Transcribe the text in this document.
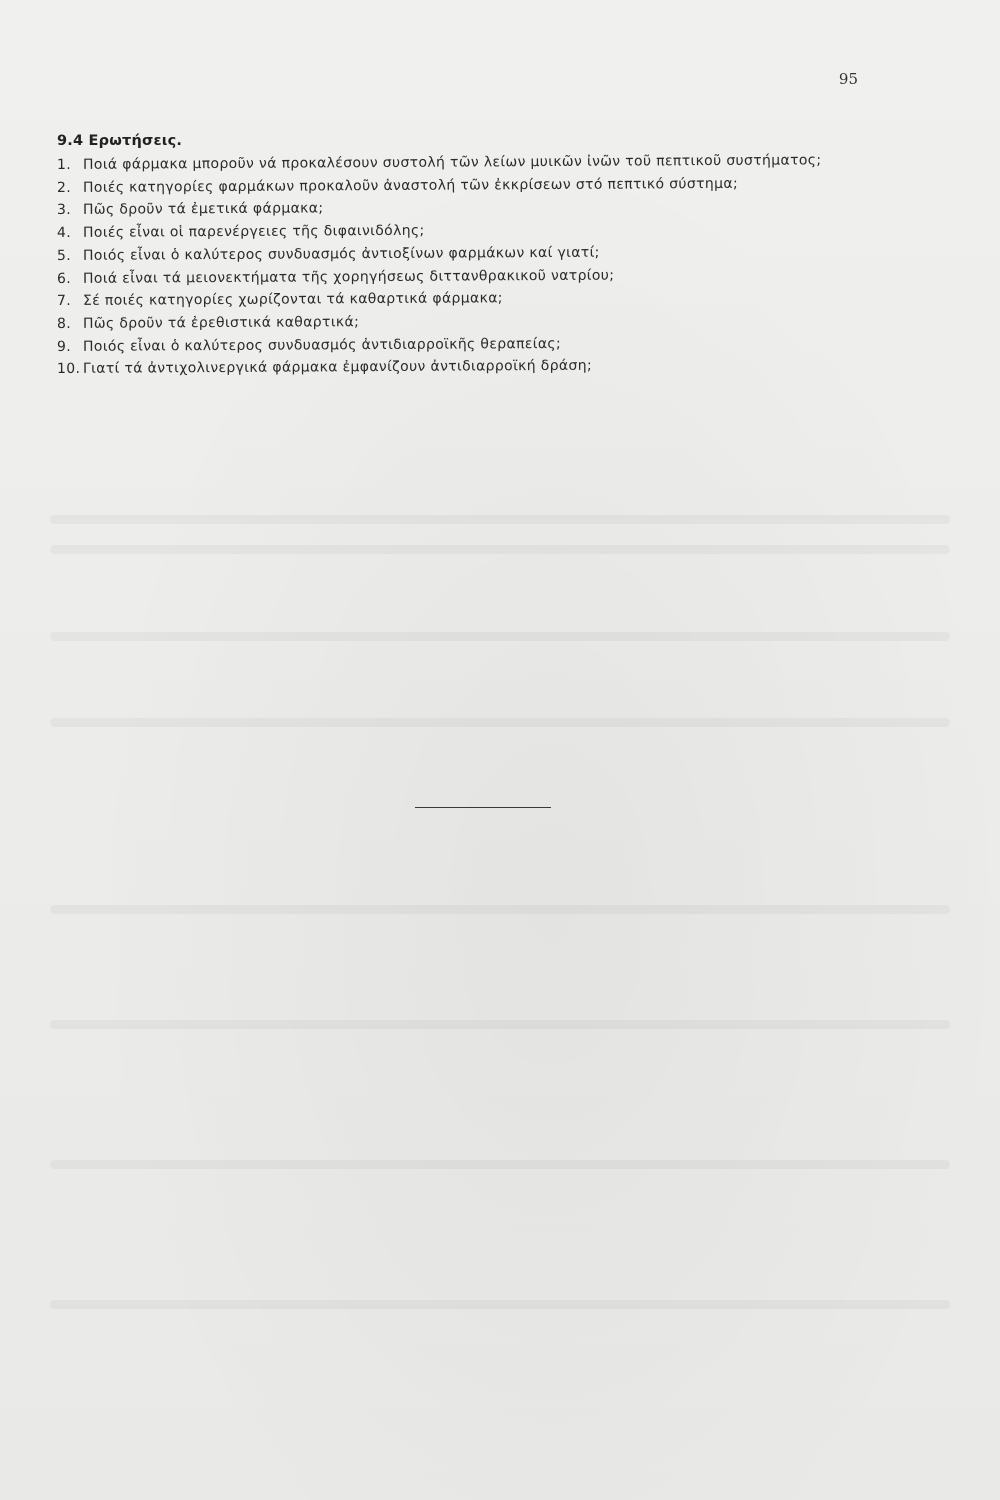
95

9.4 Ερωτήσεις.
1. Ποιά φάρμακα μποροῦν νά προκαλέσουν συστολή τῶν λείων μυικῶν ἰνῶν τοῦ πεπτικοῦ συστήματος;
2. Ποιές κατηγορίες φαρμάκων προκαλοῦν ἀναστολή τῶν ἐκκρίσεων στό πεπτικό σύστημα;
3. Πῶς δροῦν τά ἐμετικά φάρμακα;
4. Ποιές εἶναι οἱ παρενέργειες τῆς διφαινιδόλης;
5. Ποιός εἶναι ὁ καλύτερος συνδυασμός ἀντιοξίνων φαρμάκων καί γιατί;
6. Ποιά εἶναι τά μειονεκτήματα τῆς χορηγήσεως διττανθρακικοῦ νατρίου;
7. Σέ ποιές κατηγορίες χωρίζονται τά καθαρτικά φάρμακα;
8. Πῶς δροῦν τά ἐρεθιστικά καθαρτικά;
9. Ποιός εἶναι ὁ καλύτερος συνδυασμός ἀντιδιαρροϊκῆς θεραπείας;
10. Γιατί τά ἀντιχολινεργικά φάρμακα ἐμφανίζουν ἀντιδιαρροϊκή δράση;
